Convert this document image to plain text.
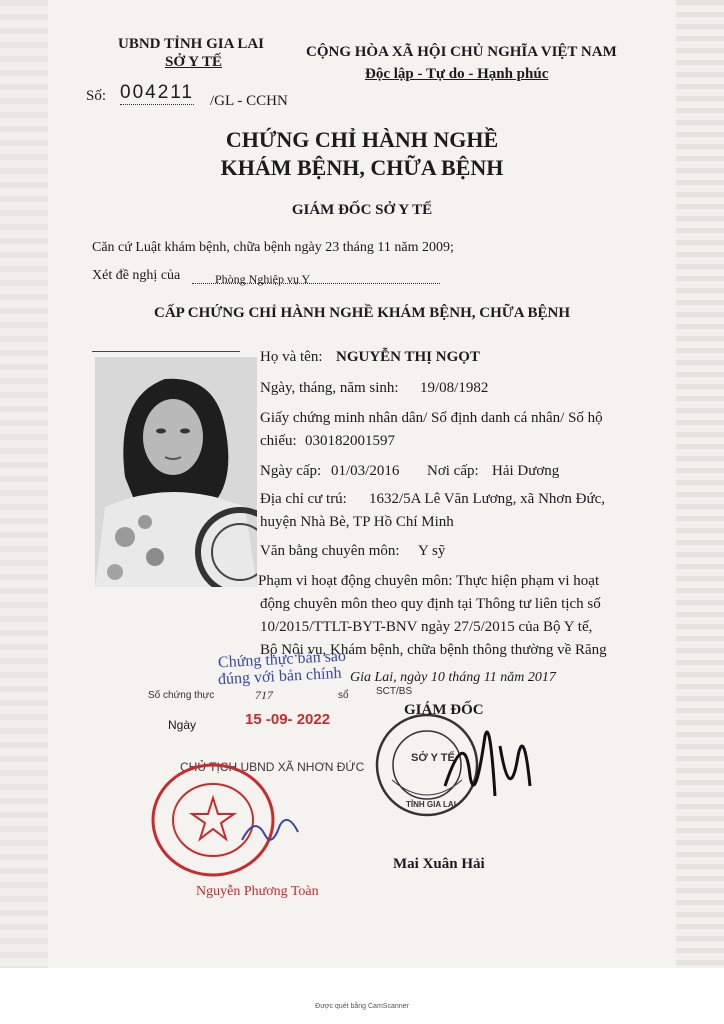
UBND TỈNH GIA LAI
SỞ Y TẾ
Số: 004211 /GL - CCHN
CỘNG HÒA XÃ HỘI CHỦ NGHĨA VIỆT NAM
Độc lập - Tự do - Hạnh phúc
CHỨNG CHỈ HÀNH NGHỀ
KHÁM BỆNH, CHỮA BỆNH
GIÁM ĐỐC SỞ Y TẾ
Căn cứ Luật khám bệnh, chữa bệnh ngày 23 tháng 11 năm 2009;
Xét đề nghị của	Phòng Nghiệp vụ Y
CẤP CHỨNG CHỈ HÀNH NGHỀ KHÁM BỆNH, CHỮA BỆNH
Họ và tên: NGUYỄN THỊ NGỌT
Ngày, tháng, năm sinh: 19/08/1982
Giấy chứng minh nhân dân/ Số định danh cá nhân/ Số hộ
chiếu: 030182001597
Ngày cấp: 01/03/2016 Nơi cấp: Hải Dương
Địa chỉ cư trú: 1632/5A Lê Văn Lương, xã Nhơn Đức,
huyện Nhà Bè, TP Hồ Chí Minh
Văn bằng chuyên môn: Y sỹ
Phạm vi hoạt động chuyên môn: Thực hiện phạm vi hoạt
động chuyên môn theo quy định tại Thông tư liên tịch số
10/2015/TTLT-BYT-BNV ngày 27/5/2015 của Bộ Y tế,
Bộ Nội vụ, Khám bệnh, chữa bệnh thông thường về Răng
Gia Lai, ngày 10 tháng 11 năm 2017
GIÁM ĐỐC
SỞ Y TẾ
TỈNH GIA LAI
Mai Xuân Hải
Chứng thực bản sao
đúng với bản chính
Số chứng thực	717	sổ	SCT/BS
Ngày	15 -09- 2022
CHỦ TỊCH UBND XÃ NHƠN ĐỨC
Nguyễn Phương Toàn
Được quét bằng CamScanner
